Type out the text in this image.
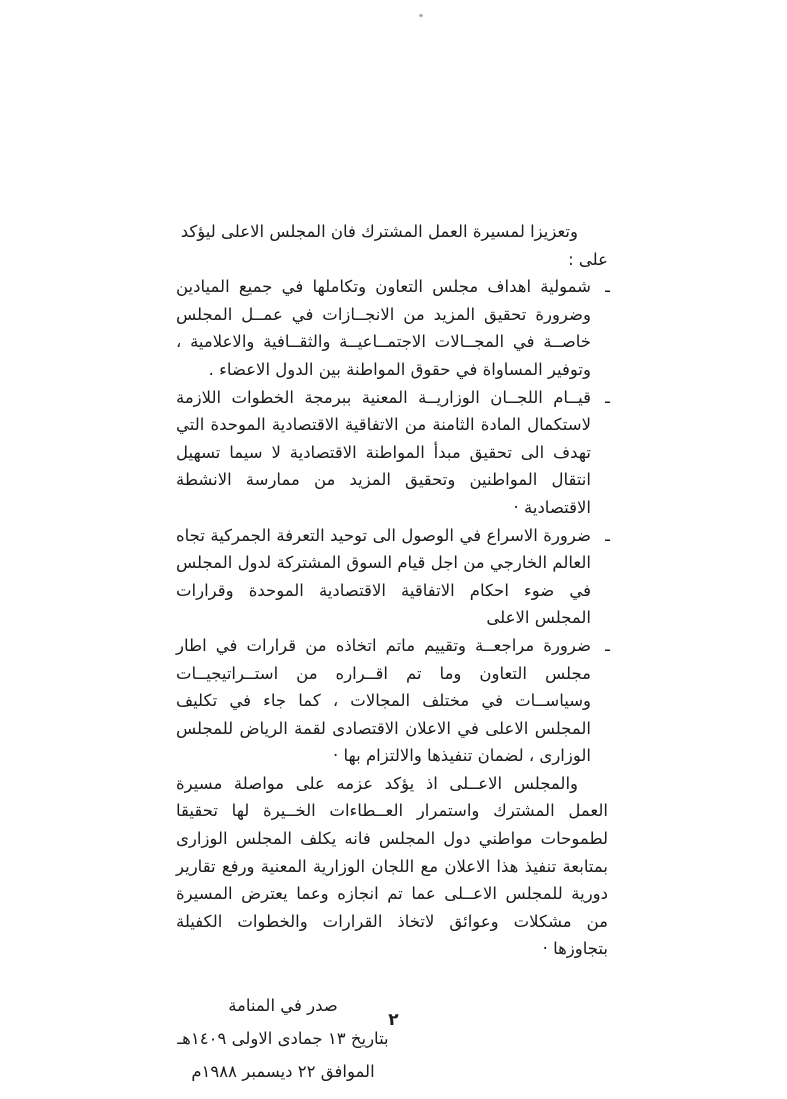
وتعزيزا لمسيرة العمل المشترك فان المجلس الاعلى ليؤكد على :

ـ
شمولية اهداف مجلس التعاون وتكاملها في جميع الميادين وضرورة تحقيق المزيد من الانجــازات في عمــل المجلس خاصــة في المجــالات الاجتمــاعيــة والثقــافية والاعلامية ، وتوفير المساواة في حقوق المواطنة بين الدول الاعضاء .
ـ
قيــام اللجــان الوزاريــة المعنية ببرمجة الخطوات اللازمة لاستكمال المادة الثامنة من الاتفاقية الاقتصادية الموحدة التي تهدف الى تحقيق مبدأ المواطنة الاقتصادية لا سيما تسهيل انتقال المواطنين وتحقيق المزيد من ممارسة الانشطة الاقتصادية ·
ـ
ضرورة الاسراع في الوصول الى توحيد التعرفة الجمركية تجاه العالم الخارجي من اجل قيام السوق المشتركة لدول المجلس في ضوء احكام الاتفاقية الاقتصادية الموحدة وقرارات المجلس الاعلى
ـ
ضرورة مراجعــة وتقييم ماتم اتخاذه من قرارات في اطار مجلس التعاون وما تم اقــراره من استــراتيجيــات وسياســات في مختلف المجالات ، كما جاء في تكليف المجلس الاعلى في الاعلان الاقتصادى لقمة الرياض للمجلس الوزارى ، لضمان تنفيذها والالتزام بها ·

والمجلس الاعــلى اذ يؤكد عزمه على مواصلة مسيرة العمل المشترك واستمرار العــطاءات الخــيرة لها تحقيقا لطموحات مواطني دول المجلس فانه يكلف المجلس الوزارى بمتابعة تنفيذ هذا الاعلان مع اللجان الوزارية المعنية ورفع تقارير دورية للمجلس الاعــلى عما تم انجازه وعما يعترض المسيرة من مشكلات وعوائق لاتخاذ القرارات والخطوات الكفيلة بتجاوزها ·

صدر في المنامة

بتاريخ ١٣ جمادى الاولى ١٤٠٩هـ

الموافق ٢٢ ديسمبر ١٩٨٨م

٢
